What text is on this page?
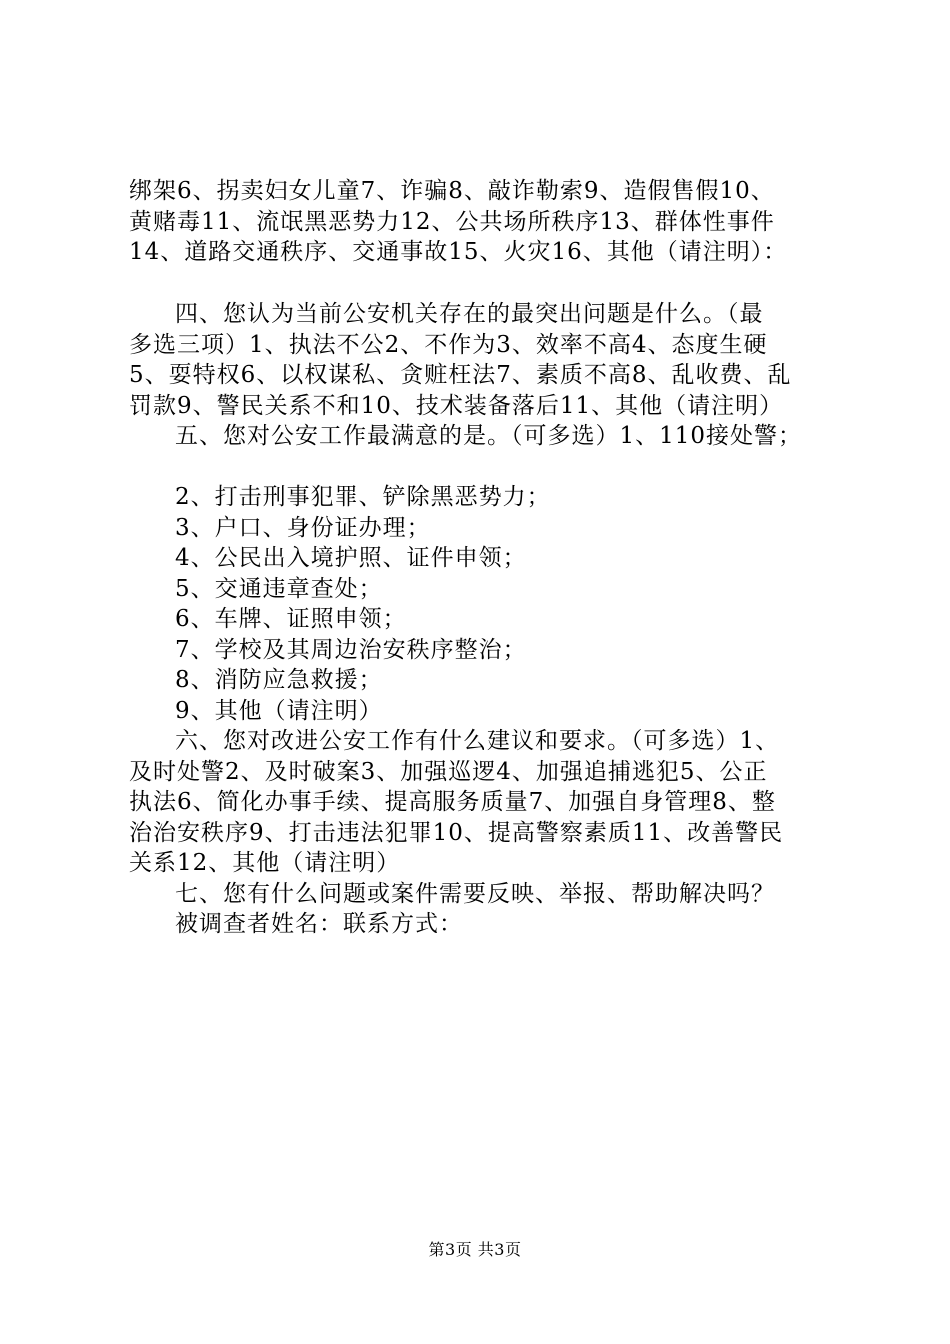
绑架6、拐卖妇女儿童7、诈骗8、敲诈勒索9、造假售假10、
黄赌毒11、流氓黑恶势力12、公共场所秩序13、群体性事件
14、道路交通秩序、交通事故15、火灾16、其他（请注明）：
四、您认为当前公安机关存在的最突出问题是什么。（最
多选三项）1、执法不公2、不作为3、效率不高4、态度生硬
5、耍特权6、以权谋私、贪赃枉法7、素质不高8、乱收费、乱
罚款9、警民关系不和10、技术装备落后11、其他（请注明）
五、您对公安工作最满意的是。（可多选）1、110接处警；
2、打击刑事犯罪、铲除黑恶势力；
3、户口、身份证办理；
4、公民出入境护照、证件申领；
5、交通违章查处；
6、车牌、证照申领；
7、学校及其周边治安秩序整治；
8、消防应急救援；
9、其他（请注明）
六、您对改进公安工作有什么建议和要求。（可多选）1、
及时处警2、及时破案3、加强巡逻4、加强追捕逃犯5、公正
执法6、简化办事手续、提高服务质量7、加强自身管理8、整
治治安秩序9、打击违法犯罪10、提高警察素质11、改善警民
关系12、其他（请注明）
七、您有什么问题或案件需要反映、举报、帮助解决吗？
被调查者姓名：联系方式：
第3页 共3页
